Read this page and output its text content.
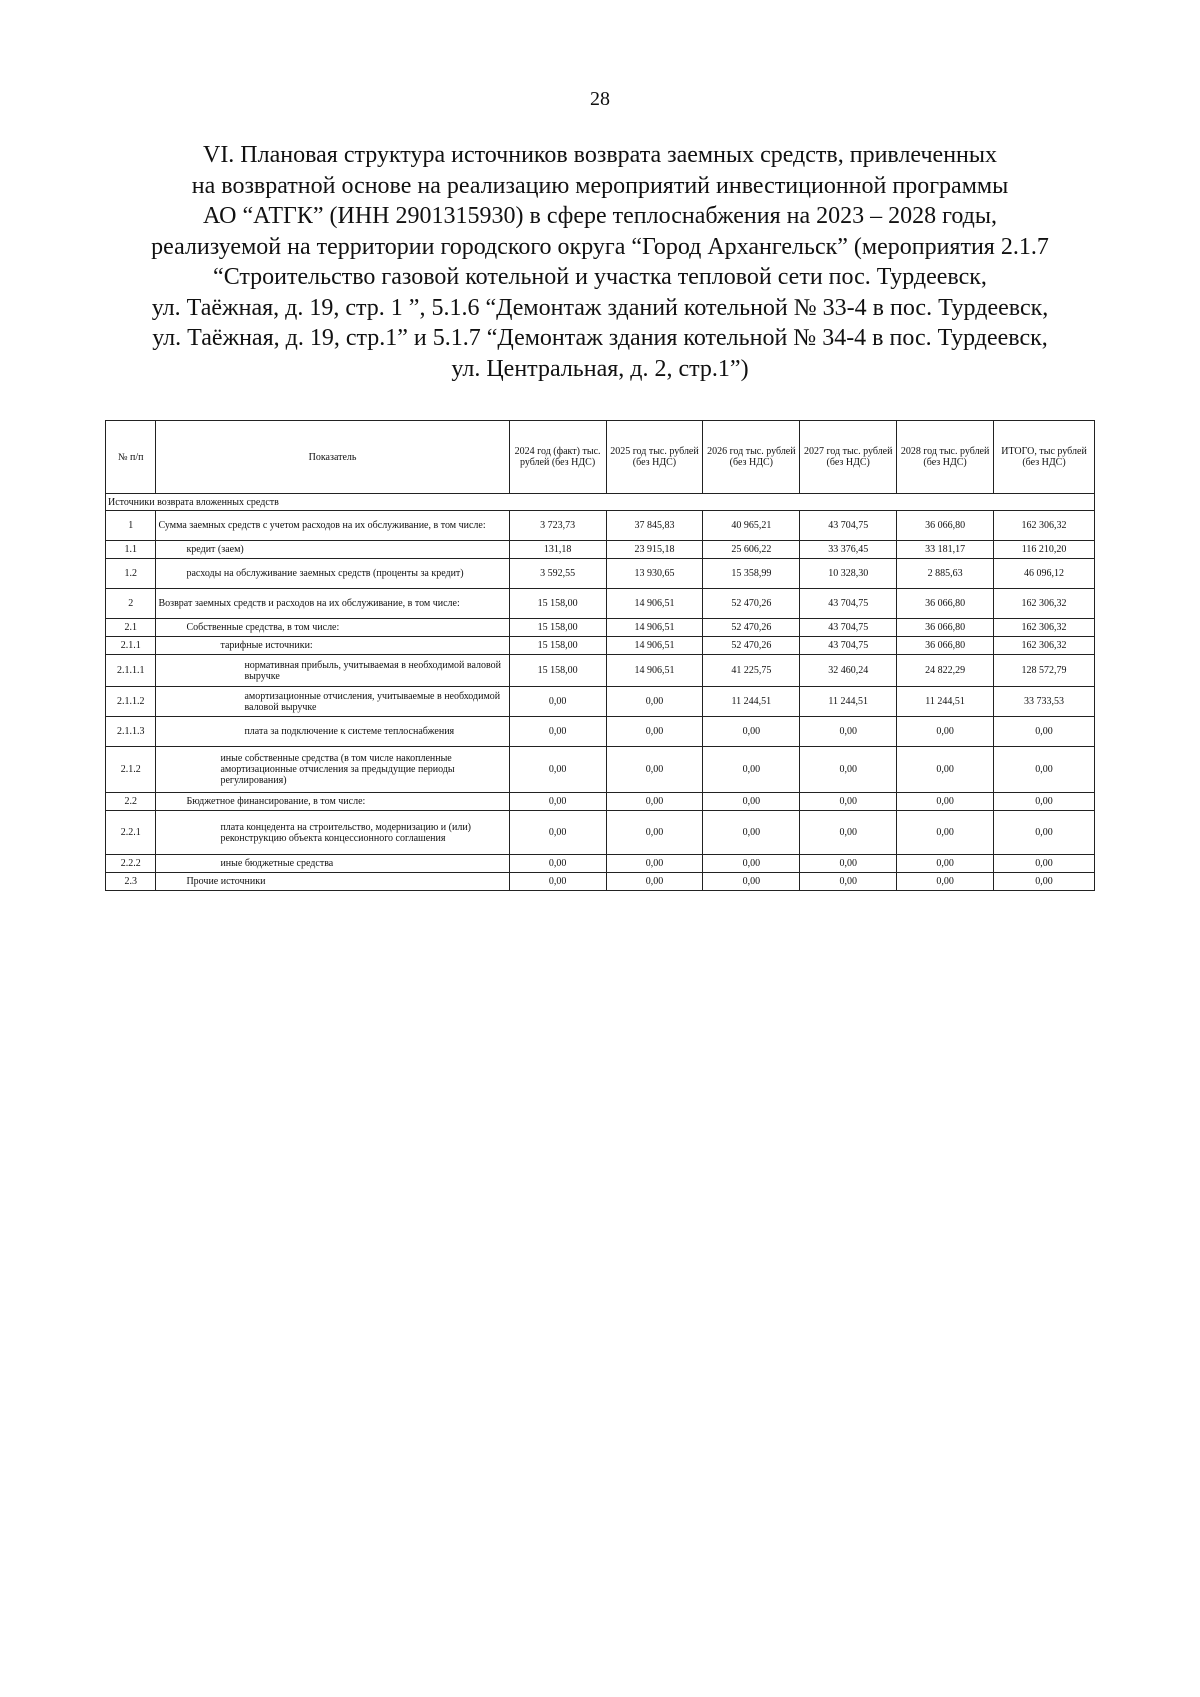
28
VI. Плановая структура источников возврата заемных средств, привлеченных
на возвратной основе на реализацию мероприятий инвестиционной программы
АО “АТГК” (ИНН 2901315930) в сфере теплоснабжения на 2023 – 2028 годы,
реализуемой на территории городского округа “Город Архангельск” (мероприятия 2.1.7
“Строительство газовой котельной и участка тепловой сети пос. Турдеевск,
ул. Таёжная, д. 19, стр. 1 ”, 5.1.6 “Демонтаж зданий котельной № 33-4 в пос. Турдеевск,
ул. Таёжная, д. 19, стр.1” и 5.1.7 “Демонтаж здания котельной № 34-4 в пос. Турдеевск,
ул. Центральная, д. 2, стр.1”)
№ п/п	Показатель	2024 год (факт) тыс. рублей (без НДС)	2025 год тыс. рублей (без НДС)	2026 год тыс. рублей (без НДС)	2027 год тыс. рублей (без НДС)	2028 год тыс. рублей (без НДС)	ИТОГО, тыс рублей (без НДС)
Источники возврата вложенных средств							
1	Сумма заемных средств с учетом расходов на их обслуживание, в том числе:	3 723,73	37 845,83	40 965,21	43 704,75	36 066,80	162 306,32
1.1	кредит (заем)	131,18	23 915,18	25 606,22	33 376,45	33 181,17	116 210,20
1.2	расходы на обслуживание заемных средств (проценты за кредит)	3 592,55	13 930,65	15 358,99	10 328,30	2 885,63	46 096,12
2	Возврат заемных средств и расходов на их обслуживание, в том числе:	15 158,00	14 906,51	52 470,26	43 704,75	36 066,80	162 306,32
2.1	Собственные средства, в том числе:	15 158,00	14 906,51	52 470,26	43 704,75	36 066,80	162 306,32
2.1.1	тарифные источники:	15 158,00	14 906,51	52 470,26	43 704,75	36 066,80	162 306,32
2.1.1.1	нормативная прибыль, учитываемая в необходимой валовой выручке	15 158,00	14 906,51	41 225,75	32 460,24	24 822,29	128 572,79
2.1.1.2	амортизационные отчисления, учитываемые в необходимой валовой выручке	0,00	0,00	11 244,51	11 244,51	11 244,51	33 733,53
2.1.1.3	плата за подключение к системе теплоснабжения	0,00	0,00	0,00	0,00	0,00	0,00
2.1.2	иные собственные средства (в том числе накопленные амортизационные отчисления за предыдущие периоды регулирования)	0,00	0,00	0,00	0,00	0,00	0,00
2.2	Бюджетное финансирование, в том числе:	0,00	0,00	0,00	0,00	0,00	0,00
2.2.1	плата концедента на строительство, модернизацию и (или) реконструкцию объекта концессионного соглашения	0,00	0,00	0,00	0,00	0,00	0,00
2.2.2	иные бюджетные средства	0,00	0,00	0,00	0,00	0,00	0,00
2.3	Прочие источники	0,00	0,00	0,00	0,00	0,00	0,00
